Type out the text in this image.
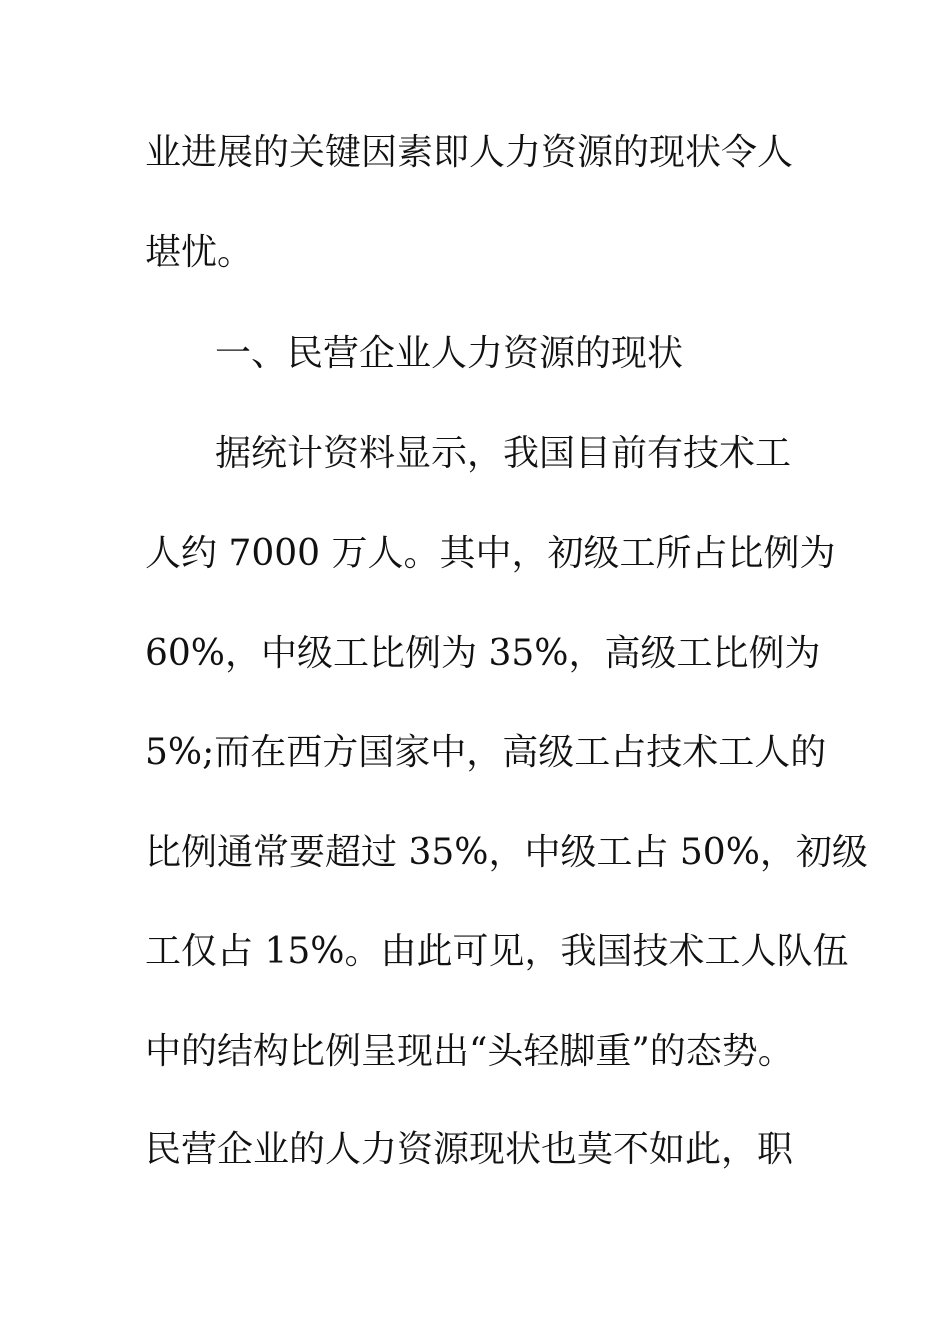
业进展的关键因素即人力资源的现状令人
堪忧。
一、民营企业人力资源的现状
据统计资料显示，我国目前有技术工
人约 7000 万人。其中，初级工所占比例为
60%，中级工比例为 35%，高级工比例为
5%;而在西方国家中，高级工占技术工人的
比例通常要超过 35%，中级工占 50%，初级
工仅占 15%。由此可见，我国技术工人队伍
中的结构比例呈现出“头轻脚重”的态势。
民营企业的人力资源现状也莫不如此，职
